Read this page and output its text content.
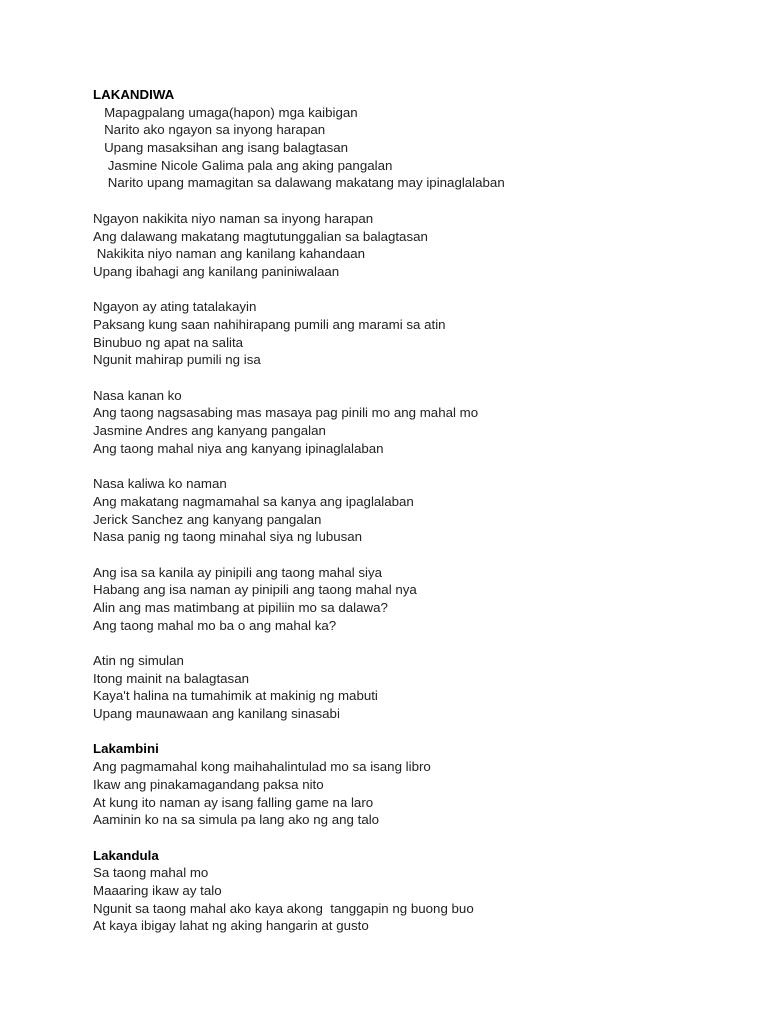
LAKANDIWA
Mapagpalang umaga(hapon) mga kaibigan
Narito ako ngayon sa inyong harapan
Upang masaksihan ang isang balagtasan
Jasmine Nicole Galima pala ang aking pangalan
Narito upang mamagitan sa dalawang makatang may ipinaglalaban
Ngayon nakikita niyo naman sa inyong harapan
Ang dalawang makatang magtutunggalian sa balagtasan
Nakikita niyo naman ang kanilang kahandaan
Upang ibahagi ang kanilang paniniwalaan
Ngayon ay ating tatalakayin
Paksang kung saan nahihirapang pumili ang marami sa atin
Binubuo ng apat na salita
Ngunit mahirap pumili ng isa
Nasa kanan ko
Ang taong nagsasabing mas masaya pag pinili mo ang mahal mo
Jasmine Andres ang kanyang pangalan
Ang taong mahal niya ang kanyang ipinaglalaban
Nasa kaliwa ko naman
Ang makatang nagmamahal sa kanya ang ipaglalaban
Jerick Sanchez ang kanyang pangalan
Nasa panig ng taong minahal siya ng lubusan
Ang isa sa kanila ay pinipili ang taong mahal siya
Habang ang isa naman ay pinipili ang taong mahal nya
Alin ang mas matimbang at pipiliin mo sa dalawa?
Ang taong mahal mo ba o ang mahal ka?
Atin ng simulan
Itong mainit na balagtasan
Kaya't halina na tumahimik at makinig ng mabuti
Upang maunawaan ang kanilang sinasabi
Lakambini
Ang pagmamahal kong maihahalintulad mo sa isang libro
Ikaw ang pinakamagandang paksa nito
At kung ito naman ay isang falling game na laro
Aaminin ko na sa simula pa lang ako ng ang talo
Lakandula
Sa taong mahal mo
Maaaring ikaw ay talo
Ngunit sa taong mahal ako kaya akong  tanggapin ng buong buo
At kaya ibigay lahat ng aking hangarin at gusto
